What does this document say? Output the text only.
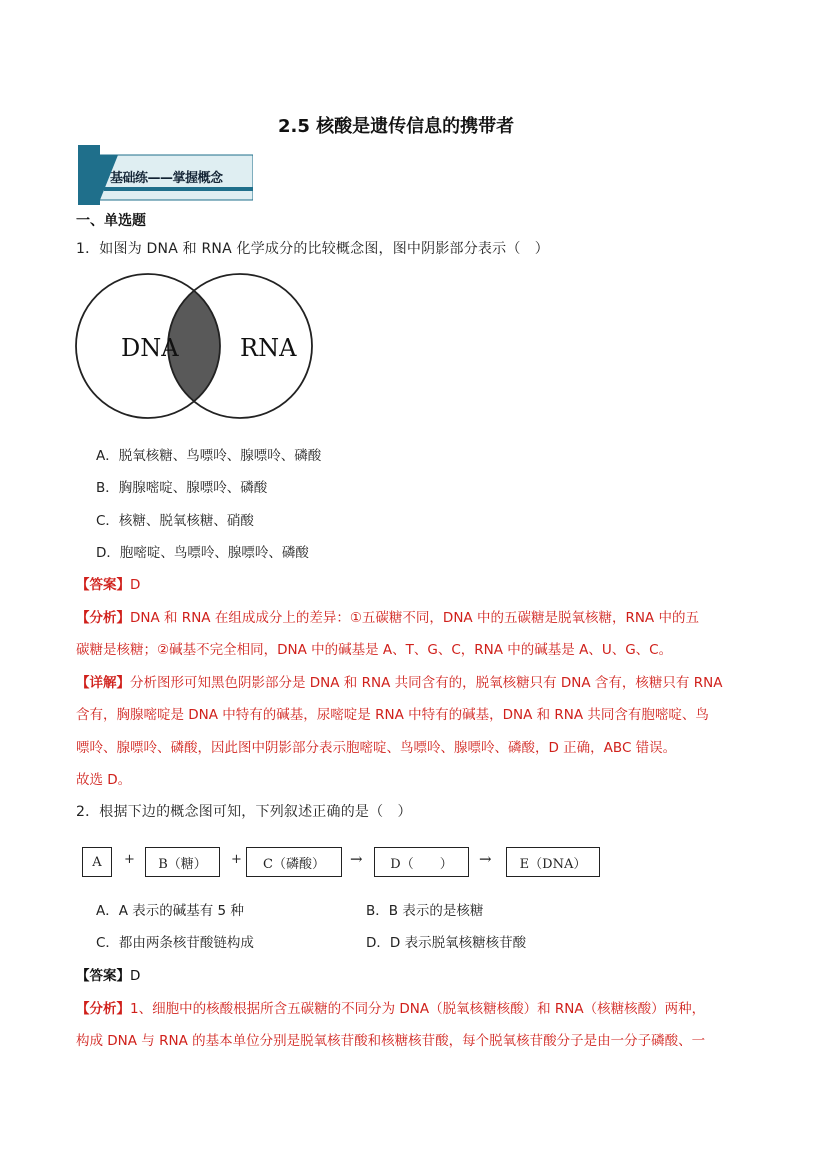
2.5 核酸是遗传信息的携带者
基础练——掌握概念
一、单选题
1．如图为 DNA 和 RNA 化学成分的比较概念图，图中阴影部分表示（　）
DNA	RNA
A．脱氧核糖、鸟嘌呤、腺嘌呤、磷酸
B．胸腺嘧啶、腺嘌呤、磷酸
C．核糖、脱氧核糖、硝酸
D．胞嘧啶、鸟嘌呤、腺嘌呤、磷酸
【答案】D
【分析】DNA 和 RNA 在组成成分上的差异：①五碳糖不同，DNA 中的五碳糖是脱氧核糖，RNA 中的五
碳糖是核糖；②碱基不完全相同，DNA 中的碱基是 A、T、G、C，RNA 中的碱基是 A、U、G、C。
【详解】分析图形可知黑色阴影部分是 DNA 和 RNA 共同含有的，脱氧核糖只有 DNA 含有，核糖只有 RNA
含有，胸腺嘧啶是 DNA 中特有的碱基，尿嘧啶是 RNA 中特有的碱基，DNA 和 RNA 共同含有胞嘧啶、鸟
嘌呤、腺嘌呤、磷酸，因此图中阴影部分表示胞嘧啶、鸟嘌呤、腺嘌呤、磷酸，D 正确，ABC 错误。
故选 D。
2．根据下边的概念图可知，下列叙述正确的是（　）
A	+	B（糖）	+	C（磷酸）	→	D（　　）	→	E（DNA）
A．A 表示的碱基有 5 种	B．B 表示的是核糖
C．都由两条核苷酸链构成	D．D 表示脱氧核糖核苷酸
【答案】D
【分析】1、细胞中的核酸根据所含五碳糖的不同分为 DNA（脱氧核糖核酸）和 RNA（核糖核酸）两种，
构成 DNA 与 RNA 的基本单位分别是脱氧核苷酸和核糖核苷酸，每个脱氧核苷酸分子是由一分子磷酸、一
